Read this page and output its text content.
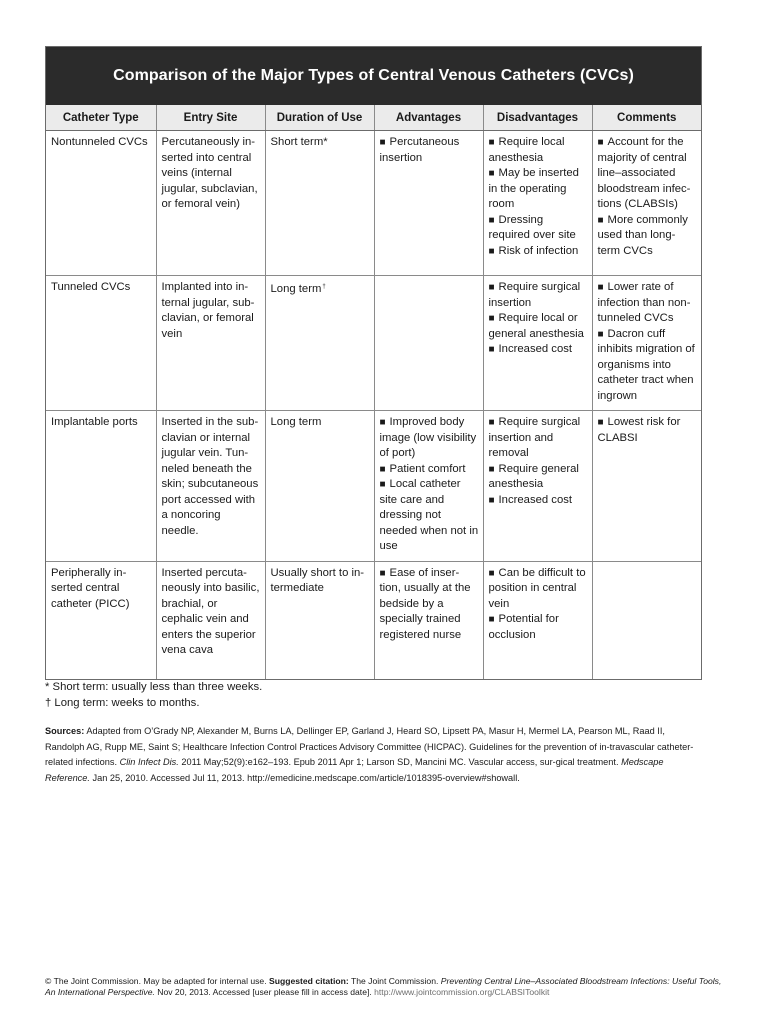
Comparison of the Major Types of Central Venous Catheters (CVCs)
Catheter Type	Entry Site	Duration of Use	Advantages	Disadvantages	Comments
Nontunneled CVCs	Percutaneously in-serted into central veins (internal jugular, subclavian, or femoral vein)	Short term*	■ Percutaneous insertion	■ Require local anesthesia
■ May be inserted in the operating room
■ Dressing required over site
■ Risk of infection	■ Account for the majority of central line–associated bloodstream infec-tions (CLABSIs)
■ More commonly used than long-term CVCs

Tunneled CVCs	Implanted into in-ternal jugular, sub-clavian, or femoral vein	Long term†		■ Require surgical insertion
■ Require local or general anesthesia
■ Increased cost	■ Lower rate of infection than non-tunneled CVCs
■ Dacron cuff inhibits migration of organisms into catheter tract when ingrown

Implantable ports	Inserted in the sub-clavian or internal jugular vein. Tun-neled beneath the skin; subcutaneous port accessed with a noncoring needle.	Long term	■ Improved body image (low visibility of port)
■ Patient comfort
■ Local catheter site care and dressing not needed when not in use	■ Require surgical insertion and removal
■ Require general anesthesia
■ Increased cost	■ Lowest risk for CLABSI

Peripherally in-serted central catheter (PICC)	Inserted percuta-neously into basilic, brachial, or cephalic vein and enters the superior vena cava	Usually short to in-termediate	■ Ease of inser-tion, usually at the bedside by a specially trained registered nurse	■ Can be difficult to position in central vein
■ Potential for occlusion	

* Short term: usually less than three weeks.
† Long term: weeks to months.
Sources: Adapted from O’Grady NP, Alexander M, Burns LA, Dellinger EP, Garland J, Heard SO, Lipsett PA, Masur H, Mermel LA, Pearson ML, Raad II, Randolph AG, Rupp ME, Saint S; Healthcare Infection Control Practices Advisory Committee (HICPAC). Guidelines for the prevention of in-travascular catheter-related infections. Clin Infect Dis. 2011 May;52(9):e162–193. Epub 2011 Apr 1; Larson SD, Mancini MC. Vascular access, sur-gical treatment. Medscape Reference. Jan 25, 2010. Accessed Jul 11, 2013. http://emedicine.medscape.com/article/1018395-overview#showall.
© The Joint Commission. May be adapted for internal use. Suggested citation: The Joint Commission. Preventing Central Line–Associated Bloodstream Infections: Useful Tools, An International Perspective. Nov 20, 2013. Accessed [user please fill in access date]. http://www.jointcommission.org/CLABSIToolkit
